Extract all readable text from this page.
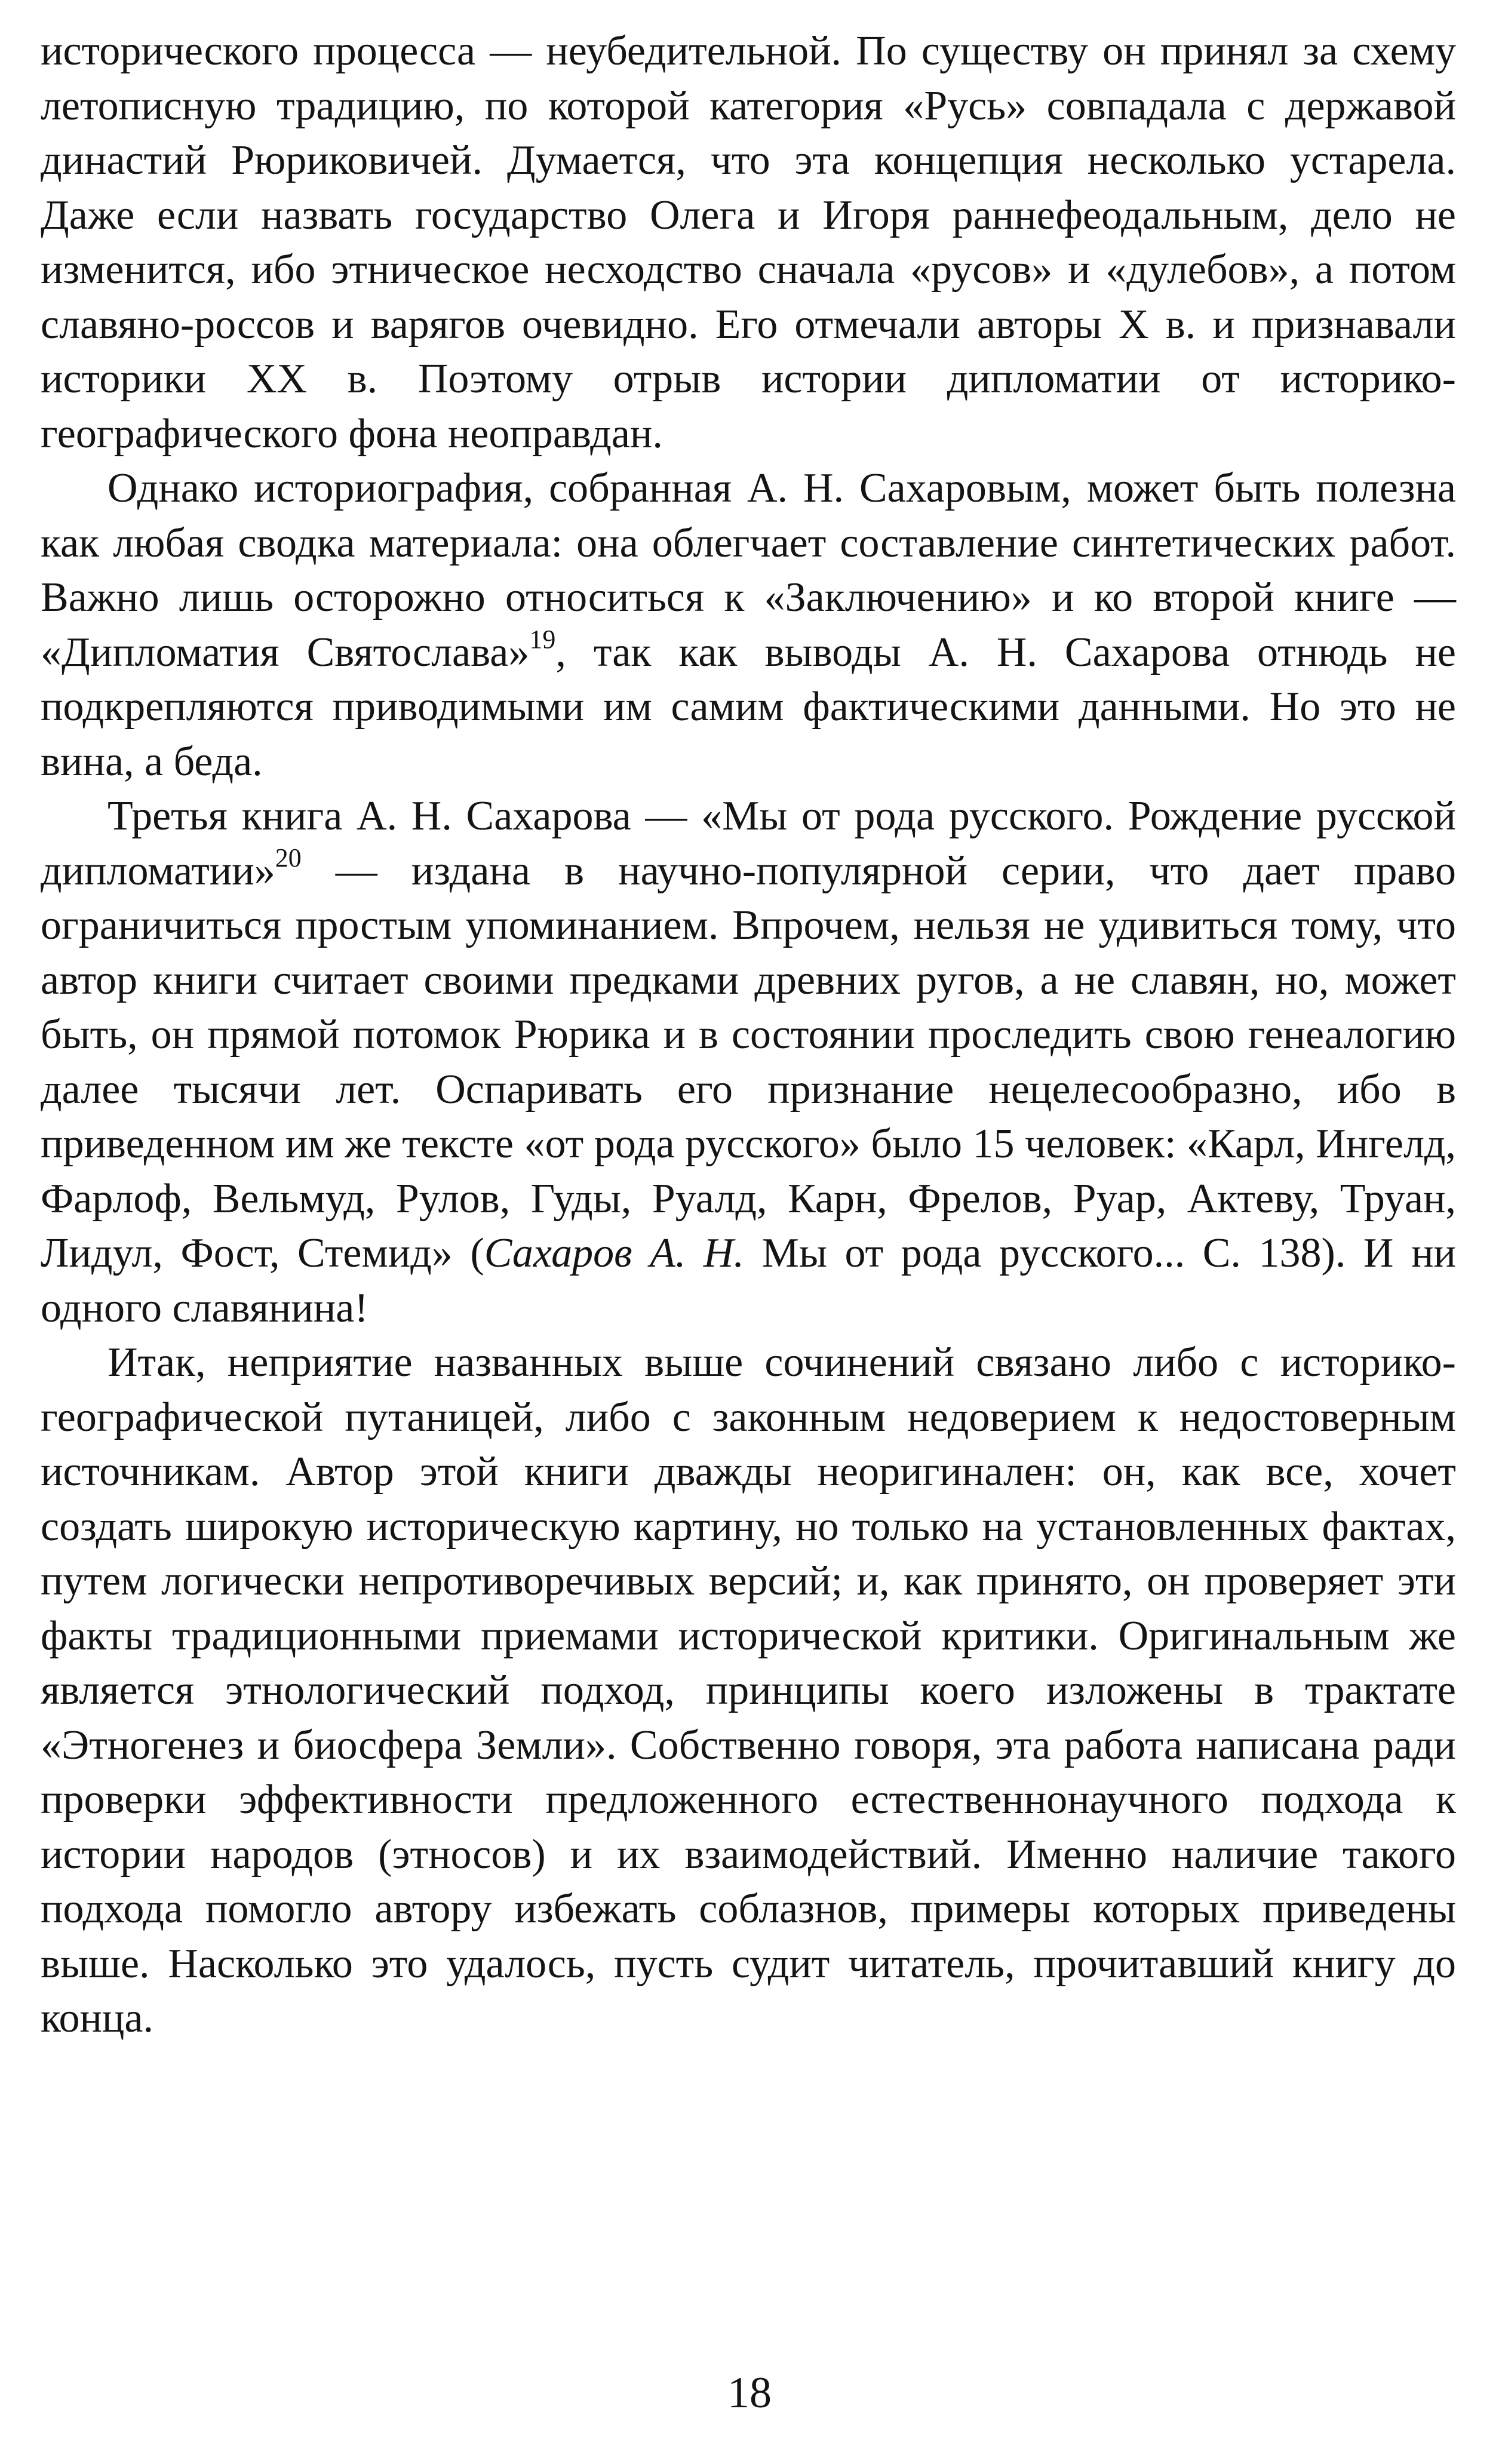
исторического процесса — неубедительной. По существу он принял за схему летописную традицию, по которой категория «Русь» совпадала с державой династий Рюриковичей. Думается, что эта концепция несколько устарела. Даже если назвать государство Олега и Игоря раннефеодальным, дело не изменится, ибо этническое несходство сначала «русов» и «дулебов», а потом славяно-россов и варягов очевидно. Его отмечали авторы X в. и признавали историки XX в. Поэтому отрыв истории дипломатии от историко-географического фона неоправдан.

Однако историография, собранная А. Н. Сахаровым, может быть полезна как любая сводка материала: она облегчает составление синтетических работ. Важно лишь осторожно относиться к «Заключению» и ко второй книге — «Дипломатия Святослава»$^{19}$, так как выводы А. Н. Сахарова отнюдь не подкрепляются приводимыми им самим фактическими данными. Но это не вина, а беда.

Третья книга А. Н. Сахарова — «Мы от рода русского. Рождение русской дипломатии»$^{20}$ — издана в научно-популярной серии, что дает право ограничиться простым упоминанием. Впрочем, нельзя не удивиться тому, что автор книги считает своими предками древних ругов, а не славян, но, может быть, он прямой потомок Рюрика и в состоянии проследить свою генеалогию далее тысячи лет. Оспаривать его признание нецелесообразно, ибо в приведенном им же тексте «от рода русского» было 15 человек: «Карл, Ингелд, Фарлоф, Вельмуд, Рулов, Гуды, Руалд, Карн, Фрелов, Руар, Актеву, Труан, Лидул, Фост, Стемид» (Сахаров А. Н. Мы от рода русского... С. 138). И ни одного славянина!

Итак, неприятие названных выше сочинений связано либо с историко-географической путаницей, либо с законным недоверием к недостоверным источникам. Автор этой книги дважды неоригинален: он, как все, хочет создать широкую историческую картину, но только на установленных фактах, путем логически непротиворечивых версий; и, как принято, он проверяет эти факты традиционными приемами исторической критики. Оригинальным же является этнологический подход, принципы коего изложены в трактате «Этногенез и биосфера Земли». Собственно говоря, эта работа написана ради проверки эффективности предложенного естественнонаучного подхода к истории народов (этносов) и их взаимодействий. Именно наличие такого подхода помогло автору избежать соблазнов, примеры которых приведены выше. Насколько это удалось, пусть судит читатель, прочитавший книгу до конца.

18
